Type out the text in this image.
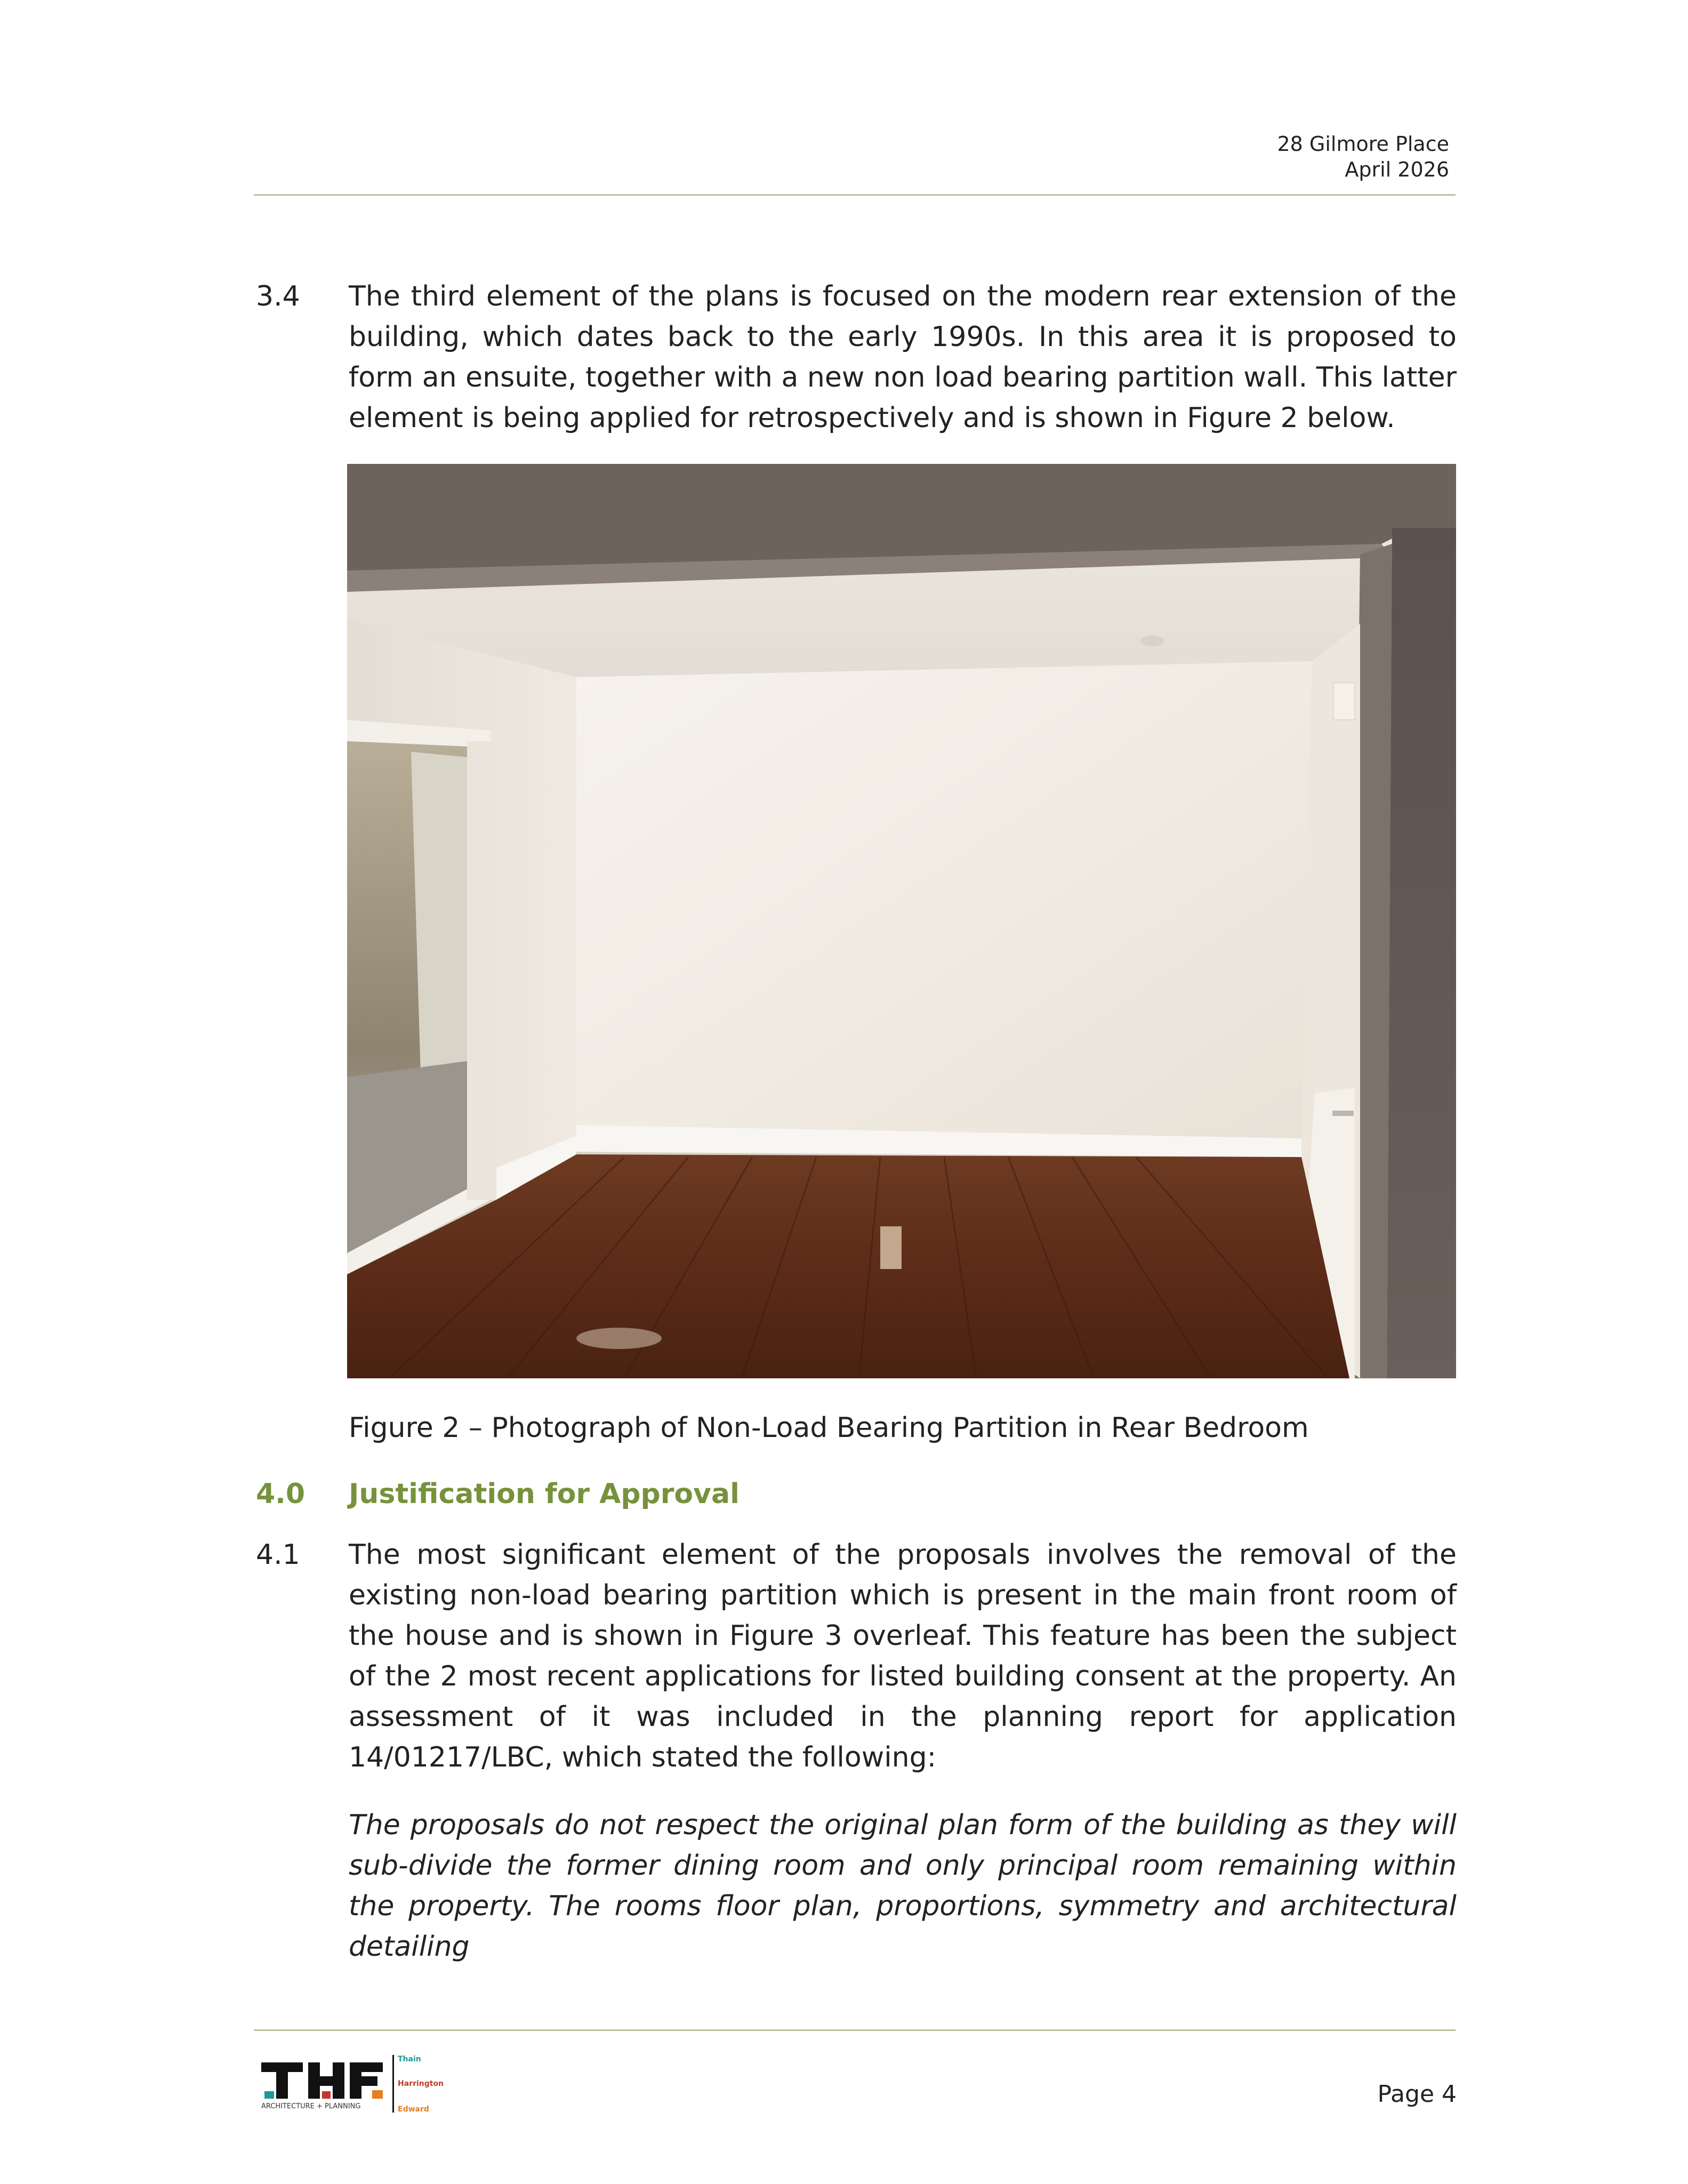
28 Gilmore Place
April 2026
3.4	The third element of the plans is focused on the modern rear extension of the building, which dates back to the early 1990s. In this area it is proposed to form an ensuite, together with a new non load bearing partition wall. This latter element is being applied for retrospectively and is shown in Figure 2 below.
Figure 2 – Photograph of Non-Load Bearing Partition in Rear Bedroom
4.0 Justification for Approval
4.1	The most significant element of the proposals involves the removal of the existing non-load bearing partition which is present in the main front room of the house and is shown in Figure 3 overleaf. This feature has been the subject of the 2 most recent applications for listed building consent at the property. An assessment of it was included in the planning report for application 14/01217/LBC, which stated the following:
The proposals do not respect the original plan form of the building as they will sub-divide the former dining room and only principal room remaining within the property. The rooms floor plan, proportions, symmetry and architectural detailing
ARCHITECTURE + PLANNING
Thain
Harrington
Edward
Page 4
